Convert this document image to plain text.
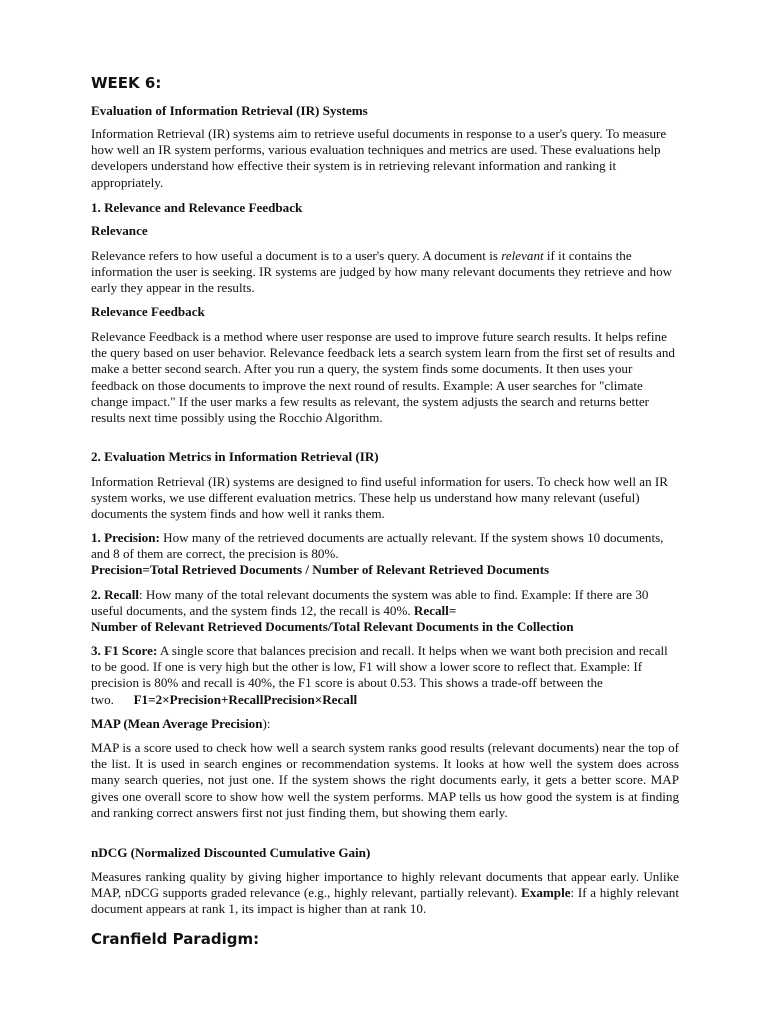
WEEK 6:
Evaluation of Information Retrieval (IR) Systems

Information Retrieval (IR) systems aim to retrieve useful documents in response to a user's query. To measure how well an IR system performs, various evaluation techniques and metrics are used. These evaluations help developers understand how effective their system is in retrieving relevant information and ranking it appropriately.

1. Relevance and Relevance Feedback
Relevance

Relevance refers to how useful a document is to a user's query. A document is relevant if it contains the information the user is seeking. IR systems are judged by how many relevant documents they retrieve and how early they appear in the results.

Relevance Feedback

Relevance Feedback is a method where user response are used to improve future search results. It helps refine the query based on user behavior. Relevance feedback lets a search system learn from the first set of results and make a better second search. After you run a query, the system finds some documents. It then uses your feedback on those documents to improve the next round of results. Example: A user searches for "climate change impact." If the user marks a few results as relevant, the system adjusts the search and returns better results next time possibly using the Rocchio Algorithm.

2. Evaluation Metrics in Information Retrieval (IR)

Information Retrieval (IR) systems are designed to find useful information for users. To check how well an IR system works, we use different evaluation metrics. These help us understand how many relevant (useful) documents the system finds and how well it ranks them.

1. Precision: How many of the retrieved documents are actually relevant. If the system shows 10 documents, and 8 of them are correct, the precision is 80%.
Precision=Total Retrieved Documents / Number of Relevant Retrieved Documents

2. Recall: How many of the total relevant documents the system was able to find. Example: If there are 30 useful documents, and the system finds 12, the recall is 40%. Recall=
Number of Relevant Retrieved Documents/Total Relevant Documents in the Collection

3. F1 Score: A single score that balances precision and recall. It helps when we want both precision and recall to be good. If one is very high but the other is low, F1 will show a lower score to reflect that. Example: If precision is 80% and recall is 40%, the F1 score is about 0.53. This shows a trade-off between the two. F1=2×Precision+RecallPrecision×Recall

MAP (Mean Average Precision):

MAP is a score used to check how well a search system ranks good results (relevant documents) near the top of the list. It is used in search engines or recommendation systems. It looks at how well the system does across many search queries, not just one. If the system shows the right documents early, it gets a better score. MAP gives one overall score to show how well the system performs. MAP tells us how good the system is at finding and ranking correct answers first not just finding them, but showing them early.

nDCG (Normalized Discounted Cumulative Gain)

Measures ranking quality by giving higher importance to highly relevant documents that appear early. Unlike MAP, nDCG supports graded relevance (e.g., highly relevant, partially relevant). Example: If a highly relevant document appears at rank 1, its impact is higher than at rank 10.

Cranfield Paradigm:
